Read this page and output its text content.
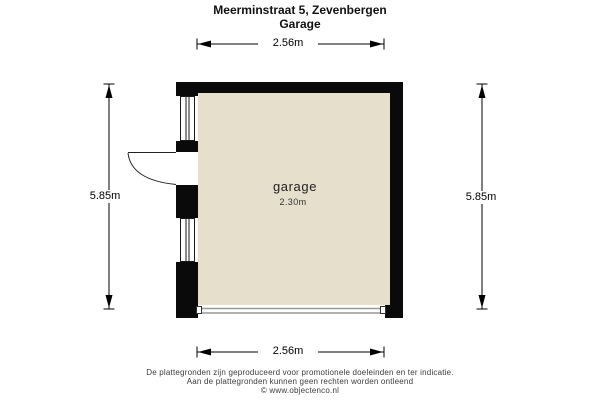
Meerminstraat 5, Zevenbergen
Garage
2.56m
2.56m
5.85m	5.85m
garage
2.30m
De plattegronden zijn geproduceerd voor promotionele doeleinden en ter indicatie.
Aan de plattegronden kunnen geen rechten worden ontleend
© www.objectenco.nl
